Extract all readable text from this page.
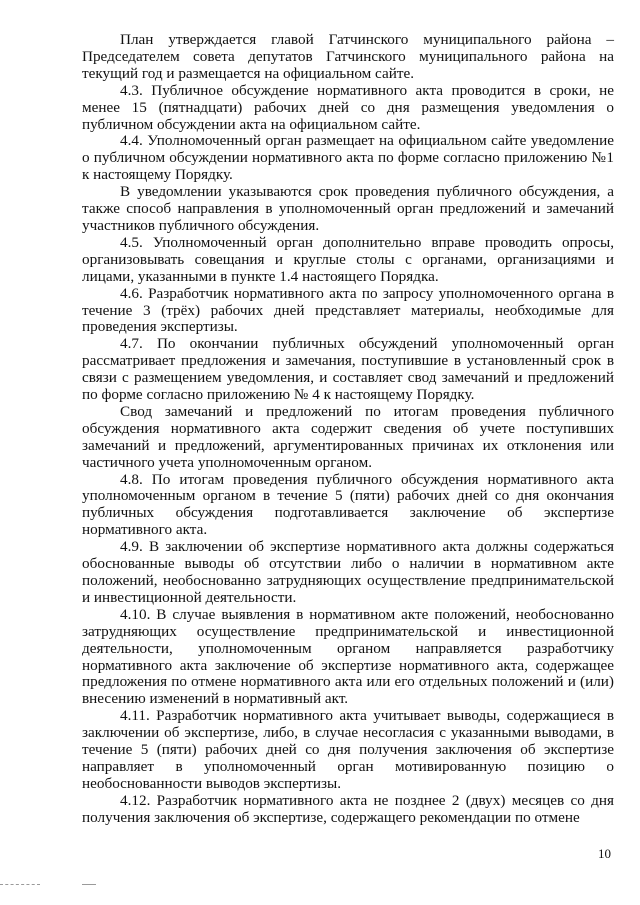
План утверждается главой Гатчинского муниципального района – Председателем совета депутатов Гатчинского муниципального района на текущий год и размещается на официальном сайте.

4.3. Публичное обсуждение нормативного акта проводится в сроки, не менее 15 (пятнадцати) рабочих дней со дня размещения уведомления о публичном обсуждении акта на официальном сайте.

4.4. Уполномоченный орган размещает на официальном сайте уведомление о публичном обсуждении нормативного акта по форме согласно приложению №1 к настоящему Порядку.

В уведомлении указываются срок проведения публичного обсуждения, а также способ направления в уполномоченный орган предложений и замечаний участников публичного обсуждения.

4.5. Уполномоченный орган дополнительно вправе проводить опросы, организовывать совещания и круглые столы с органами, организациями и лицами, указанными в пункте 1.4 настоящего Порядка.

4.6. Разработчик нормативного акта по запросу уполномоченного органа в течение 3 (трёх) рабочих дней представляет материалы, необходимые для проведения экспертизы.

4.7. По окончании публичных обсуждений уполномоченный орган рассматривает предложения и замечания, поступившие в установленный срок в связи с размещением уведомления, и составляет свод замечаний и предложений по форме согласно приложению № 4 к настоящему Порядку.

Свод замечаний и предложений по итогам проведения публичного обсуждения нормативного акта содержит сведения об учете поступивших замечаний и предложений, аргументированных причинах их отклонения или частичного учета уполномоченным органом.

4.8. По итогам проведения публичного обсуждения нормативного акта уполномоченным органом в течение 5 (пяти) рабочих дней со дня окончания публичных обсуждения подготавливается заключение об экспертизе нормативного акта.

4.9. В заключении об экспертизе нормативного акта должны содержаться обоснованные выводы об отсутствии либо о наличии в нормативном акте положений, необоснованно затрудняющих осуществление предпринимательской и инвестиционной деятельности.

4.10. В случае выявления в нормативном акте положений, необоснованно затрудняющих осуществление предпринимательской и инвестиционной деятельности, уполномоченным органом направляется разработчику нормативного акта заключение об экспертизе нормативного акта, содержащее предложения по отмене нормативного акта или его отдельных положений и (или) внесению изменений в нормативный акт.

4.11. Разработчик нормативного акта учитывает выводы, содержащиеся в заключении об экспертизе, либо, в случае несогласия с указанными выводами, в течение 5 (пяти) рабочих дней со дня получения заключения об экспертизе направляет в уполномоченный орган мотивированную позицию о необоснованности выводов экспертизы.

4.12. Разработчик нормативного акта не позднее 2 (двух) месяцев со дня получения заключения об экспертизе, содержащего рекомендации по отмене

10
